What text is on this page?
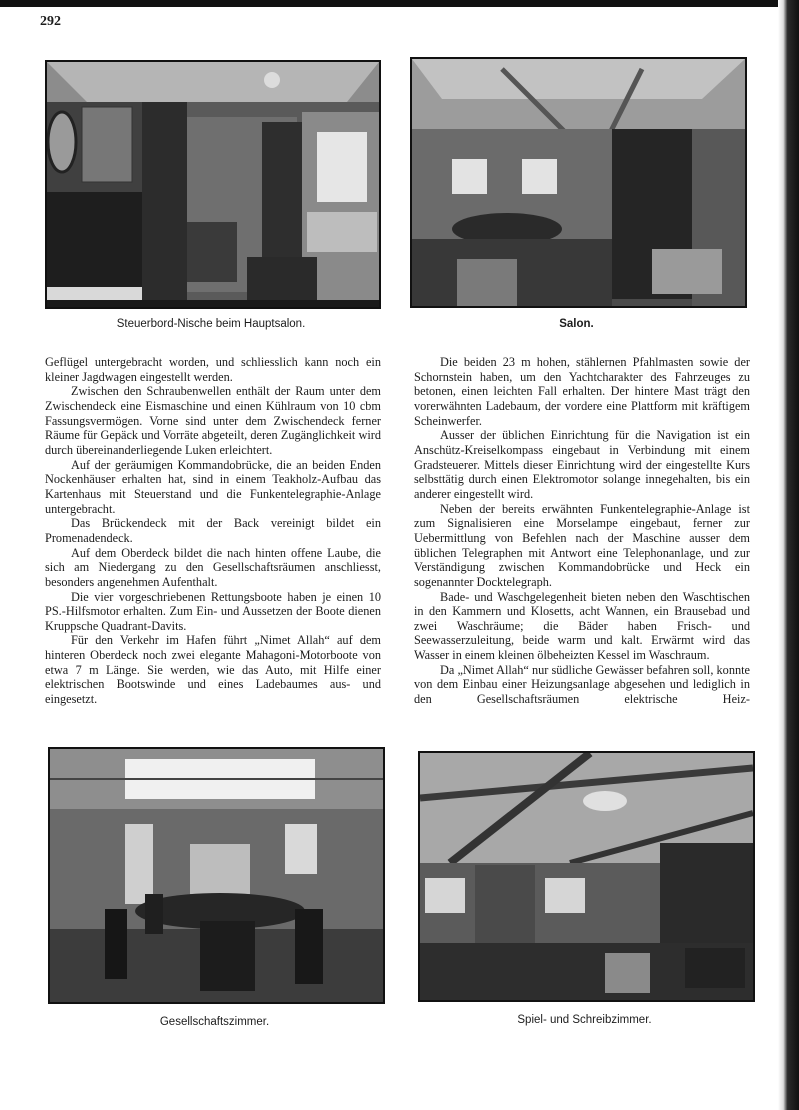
292
Steuerbord-Nische beim Hauptsalon.	Salon.

Geflügel untergebracht worden, und schliesslich kann noch ein kleiner Jagdwagen eingestellt werden.

Zwischen den Schraubenwellen enthält der Raum unter dem Zwischendeck eine Eismaschine und einen Kühlraum von 10 cbm Fassungsvermögen. Vorne sind unter dem Zwischendeck ferner Räume für Gepäck und Vorräte abgeteilt, deren Zugänglichkeit wird durch übereinanderliegende Luken erleichtert.

Auf der geräumigen Kommandobrücke, die an beiden Enden Nockenhäuser erhalten hat, sind in einem Teakholz-Aufbau das Kartenhaus mit Steuerstand und die Funkentelegraphie-Anlage untergebracht.

Das Brückendeck mit der Back vereinigt bildet ein Promenadendeck.

Auf dem Oberdeck bildet die nach hinten offene Laube, die sich am Niedergang zu den Gesellschaftsräumen anschliesst, besonders angenehmen Aufenthalt.

Die vier vorgeschriebenen Rettungsboote haben je einen 10 PS.-Hilfsmotor erhalten. Zum Ein- und Aussetzen der Boote dienen Kruppsche Quadrant-Davits.

Für den Verkehr im Hafen führt „Nimet Allah“ auf dem hinteren Oberdeck noch zwei elegante Mahagoni-Motorboote von etwa 7 m Länge. Sie werden, wie das Auto, mit Hilfe einer elektrischen Bootswinde und eines Ladebaumes aus- und eingesetzt.

Die beiden 23 m hohen, stählernen Pfahlmasten sowie der Schornstein haben, um den Yachtcharakter des Fahrzeuges zu betonen, einen leichten Fall erhalten. Der hintere Mast trägt den vorerwähnten Ladebaum, der vordere eine Plattform mit kräftigem Scheinwerfer.

Ausser der üblichen Einrichtung für die Navigation ist ein Anschütz-Kreiselkompass eingebaut in Verbindung mit einem Gradsteuerer. Mittels dieser Einrichtung wird der eingestellte Kurs selbsttätig durch einen Elektromotor solange innegehalten, bis ein anderer eingestellt wird.

Neben der bereits erwähnten Funkentelegraphie-Anlage ist zum Signalisieren eine Morselampe eingebaut, ferner zur Uebermittlung von Befehlen nach der Maschine ausser dem üblichen Telegraphen mit Antwort eine Telephonanlage, und zur Verständigung zwischen Kommandobrücke und Heck ein sogenannter Docktelegraph.

Bade- und Waschgelegenheit bieten neben den Waschtischen in den Kammern und Klosetts, acht Wannen, ein Brausebad und zwei Waschräume; die Bäder haben Frisch- und Seewasserzuleitung, beide warm und kalt. Erwärmt wird das Wasser in einem kleinen ölbeheizten Kessel im Waschraum.

Da „Nimet Allah“ nur südliche Gewässer befahren soll, konnte von dem Einbau einer Heizungsanlage abgesehen und lediglich in den Gesellschaftsräumen elektrische Heiz-

Gesellschaftszimmer.	Spiel- und Schreibzimmer.
